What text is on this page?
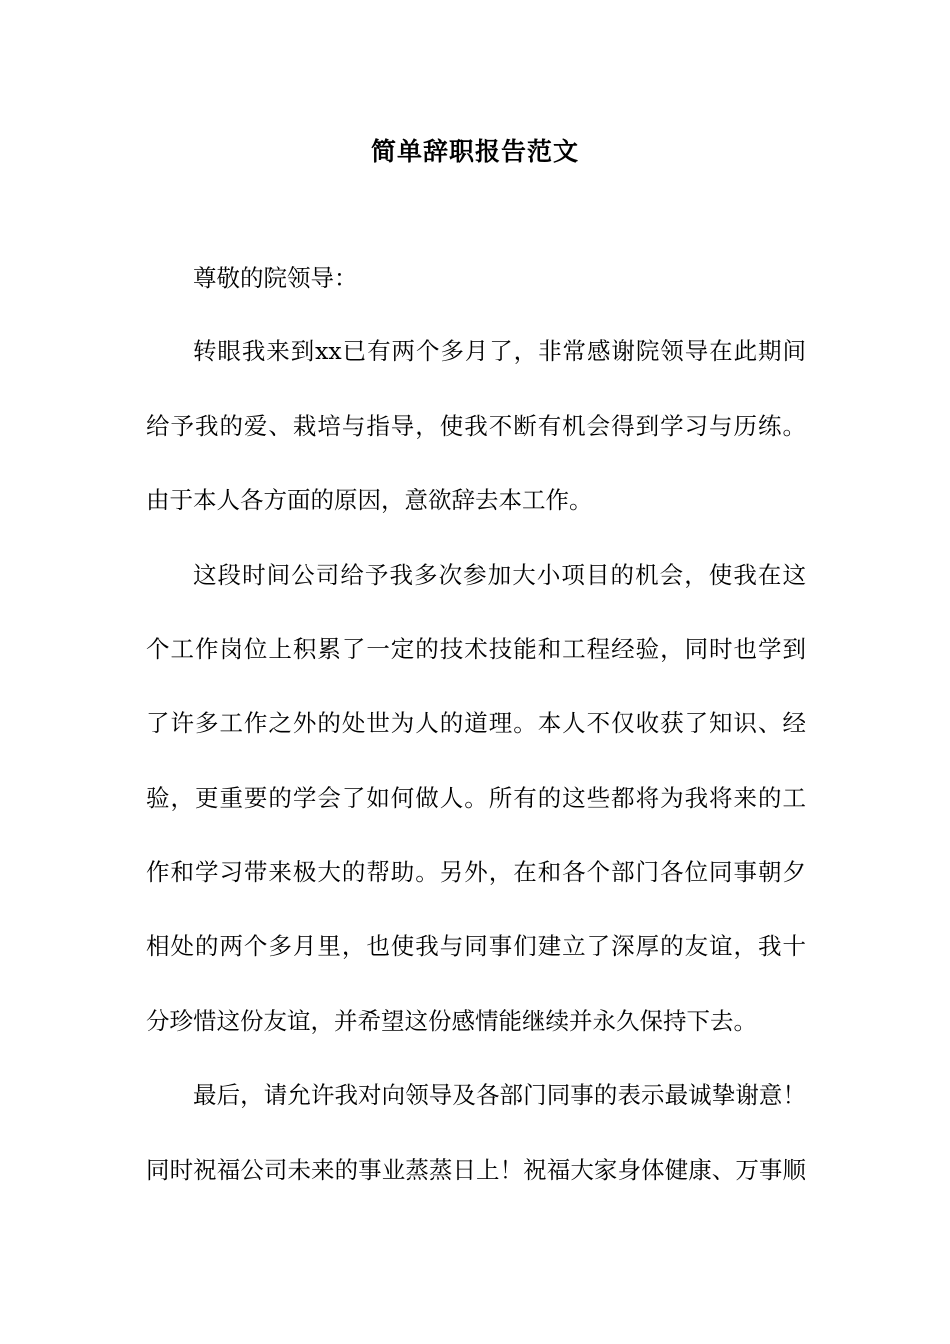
简单辞职报告范文
尊敬的院领导：
转眼我来到xx已有两个多月了，非常感谢院领导在此期间
给予我的爱、栽培与指导，使我不断有机会得到学习与历练。
由于本人各方面的原因，意欲辞去本工作。
这段时间公司给予我多次参加大小项目的机会，使我在这
个工作岗位上积累了一定的技术技能和工程经验，同时也学到
了许多工作之外的处世为人的道理。本人不仅收获了知识、经
验，更重要的学会了如何做人。所有的这些都将为我将来的工
作和学习带来极大的帮助。另外，在和各个部门各位同事朝夕
相处的两个多月里，也使我与同事们建立了深厚的友谊，我十
分珍惜这份友谊，并希望这份感情能继续并永久保持下去。
最后，请允许我对向领导及各部门同事的表示最诚挚谢意！
同时祝福公司未来的事业蒸蒸日上！祝福大家身体健康、万事顺
